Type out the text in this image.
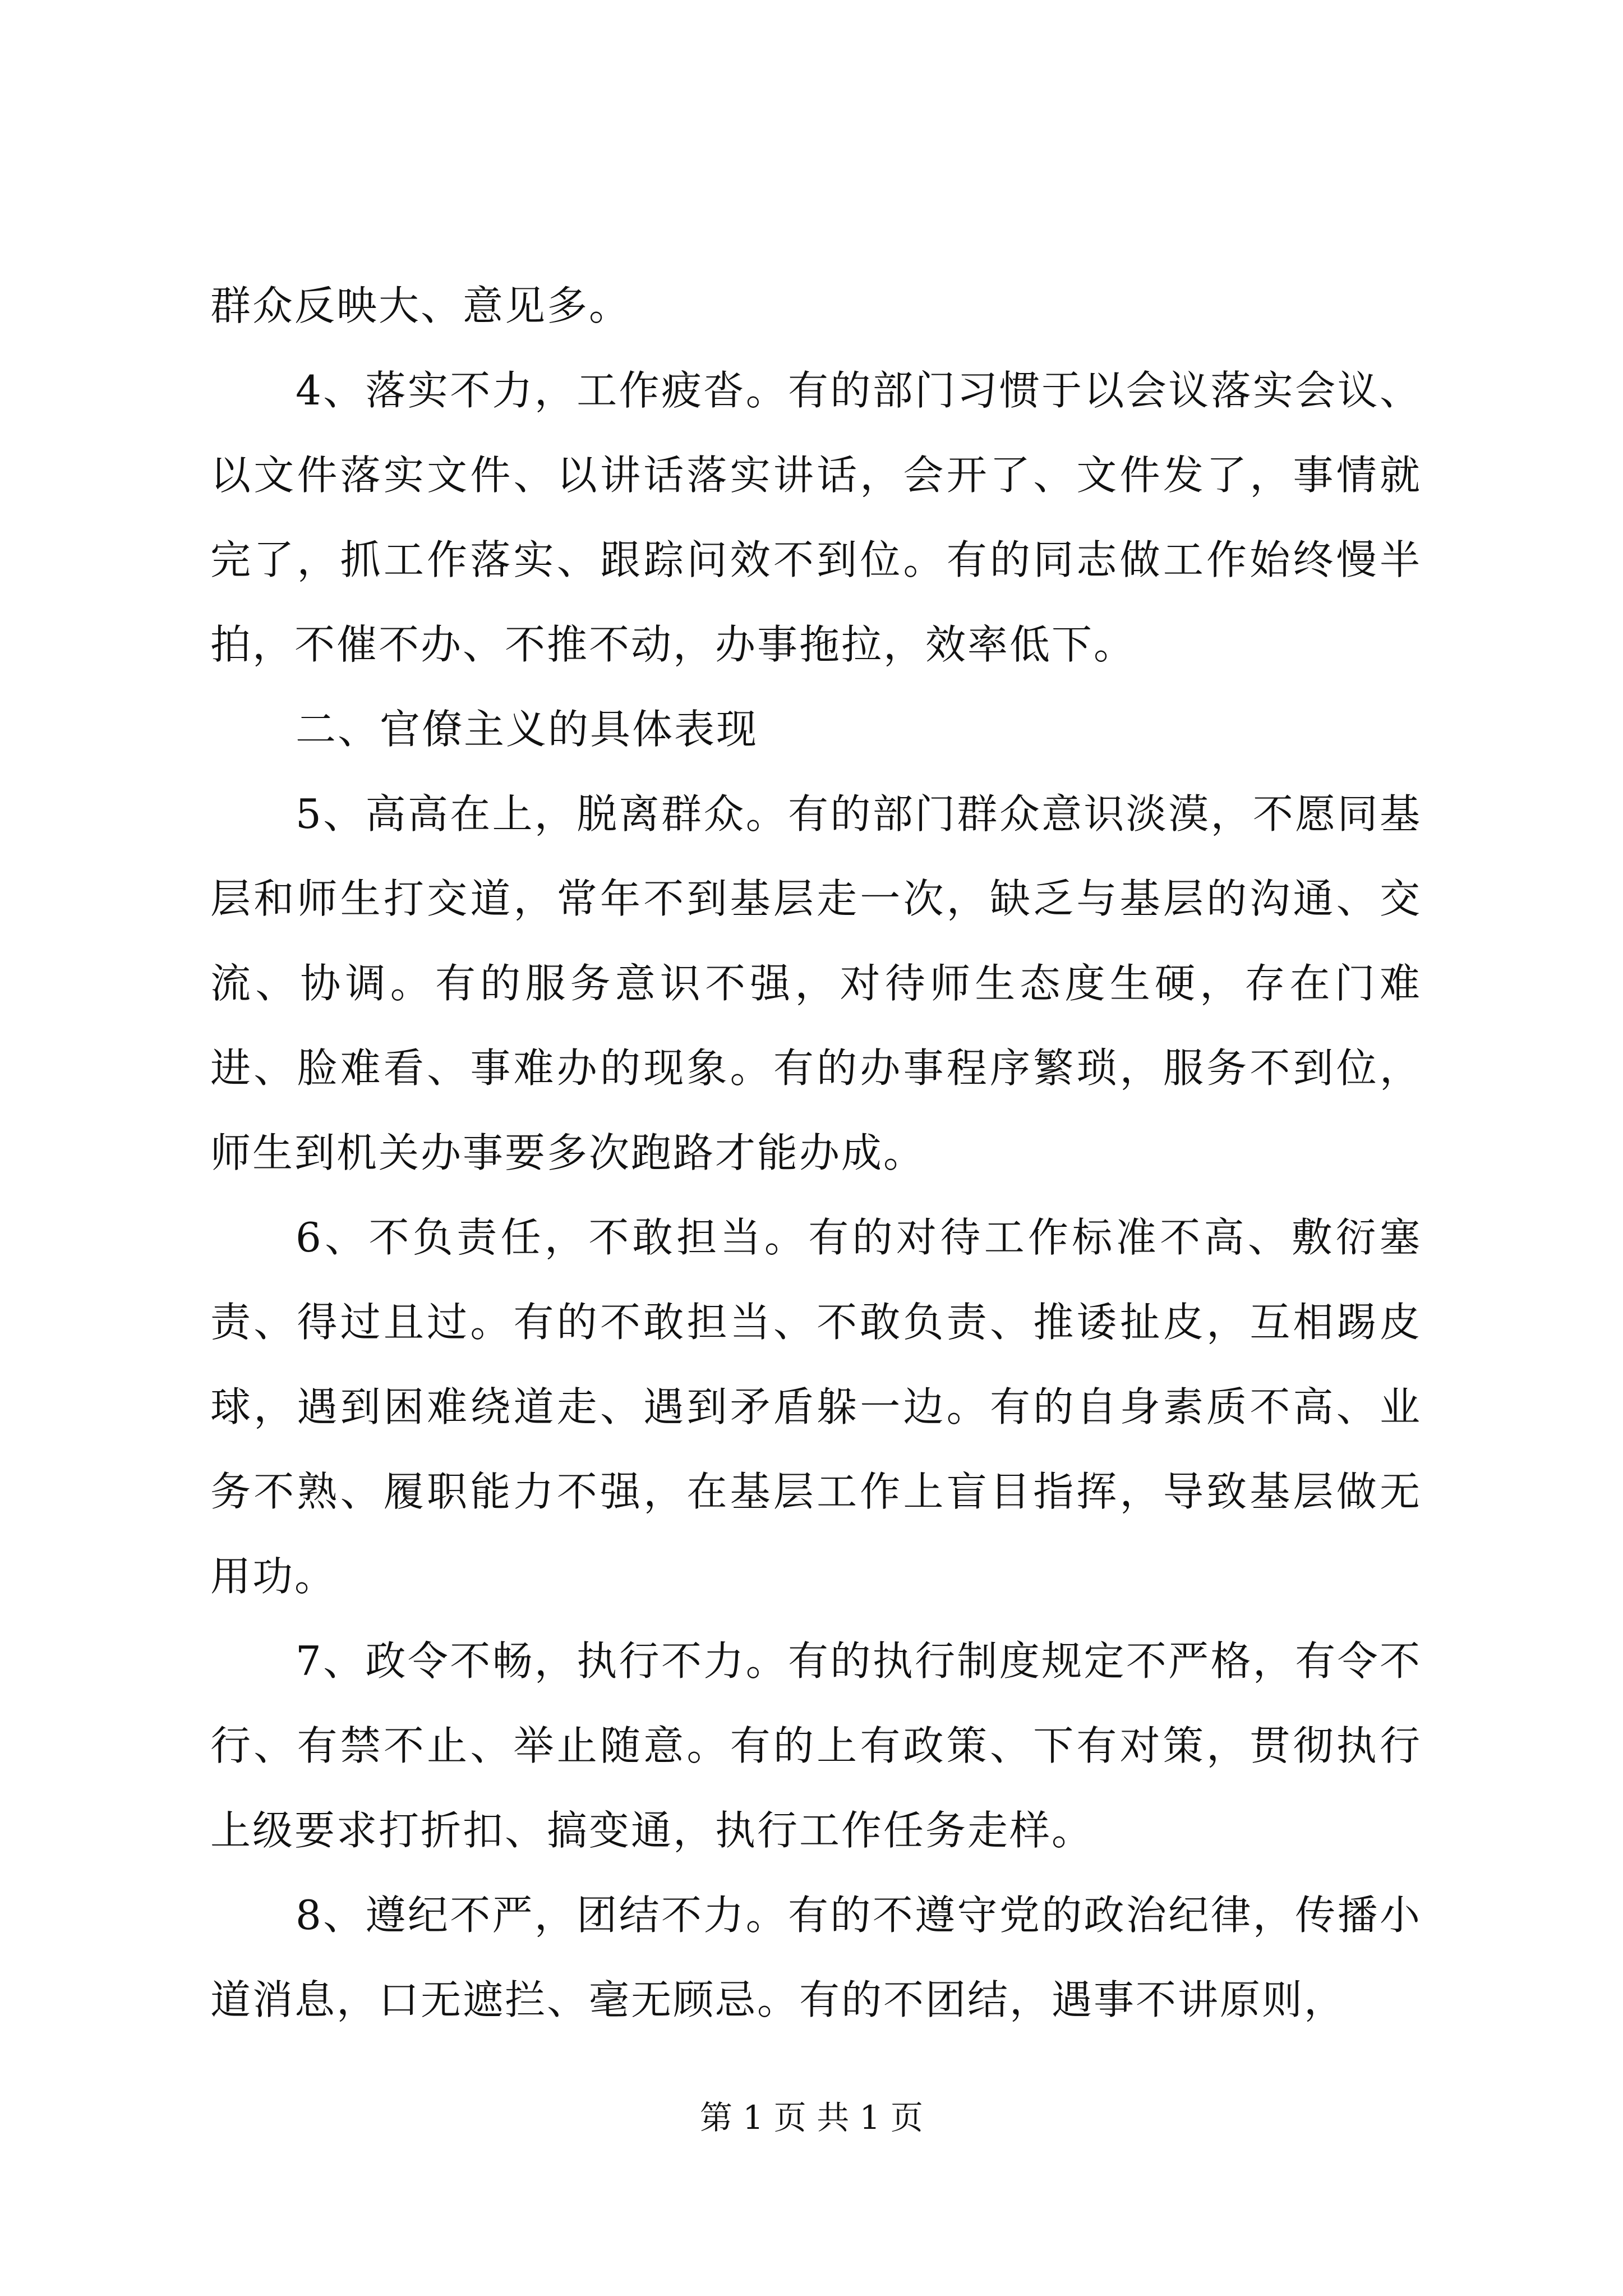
群众反映大、意见多。

4、落实不力，工作疲沓。有的部门习惯于以会议落实会议、以文件落实文件、以讲话落实讲话，会开了、文件发了，事情就完了，抓工作落实、跟踪问效不到位。有的同志做工作始终慢半拍，不催不办、不推不动，办事拖拉，效率低下。

二、官僚主义的具体表现

5、高高在上，脱离群众。有的部门群众意识淡漠，不愿同基层和师生打交道，常年不到基层走一次，缺乏与基层的沟通、交流、协调。有的服务意识不强，对待师生态度生硬，存在门难进、脸难看、事难办的现象。有的办事程序繁琐，服务不到位，师生到机关办事要多次跑路才能办成。

6、不负责任，不敢担当。有的对待工作标准不高、敷衍塞责、得过且过。有的不敢担当、不敢负责、推诿扯皮，互相踢皮球，遇到困难绕道走、遇到矛盾躲一边。有的自身素质不高、业务不熟、履职能力不强，在基层工作上盲目指挥，导致基层做无用功。

7、政令不畅，执行不力。有的执行制度规定不严格，有令不行、有禁不止、举止随意。有的上有政策、下有对策，贯彻执行上级要求打折扣、搞变通，执行工作任务走样。

8、遵纪不严，团结不力。有的不遵守党的政治纪律，传播小道消息，口无遮拦、毫无顾忌。有的不团结，遇事不讲原则，

第 1 页 共 1 页
